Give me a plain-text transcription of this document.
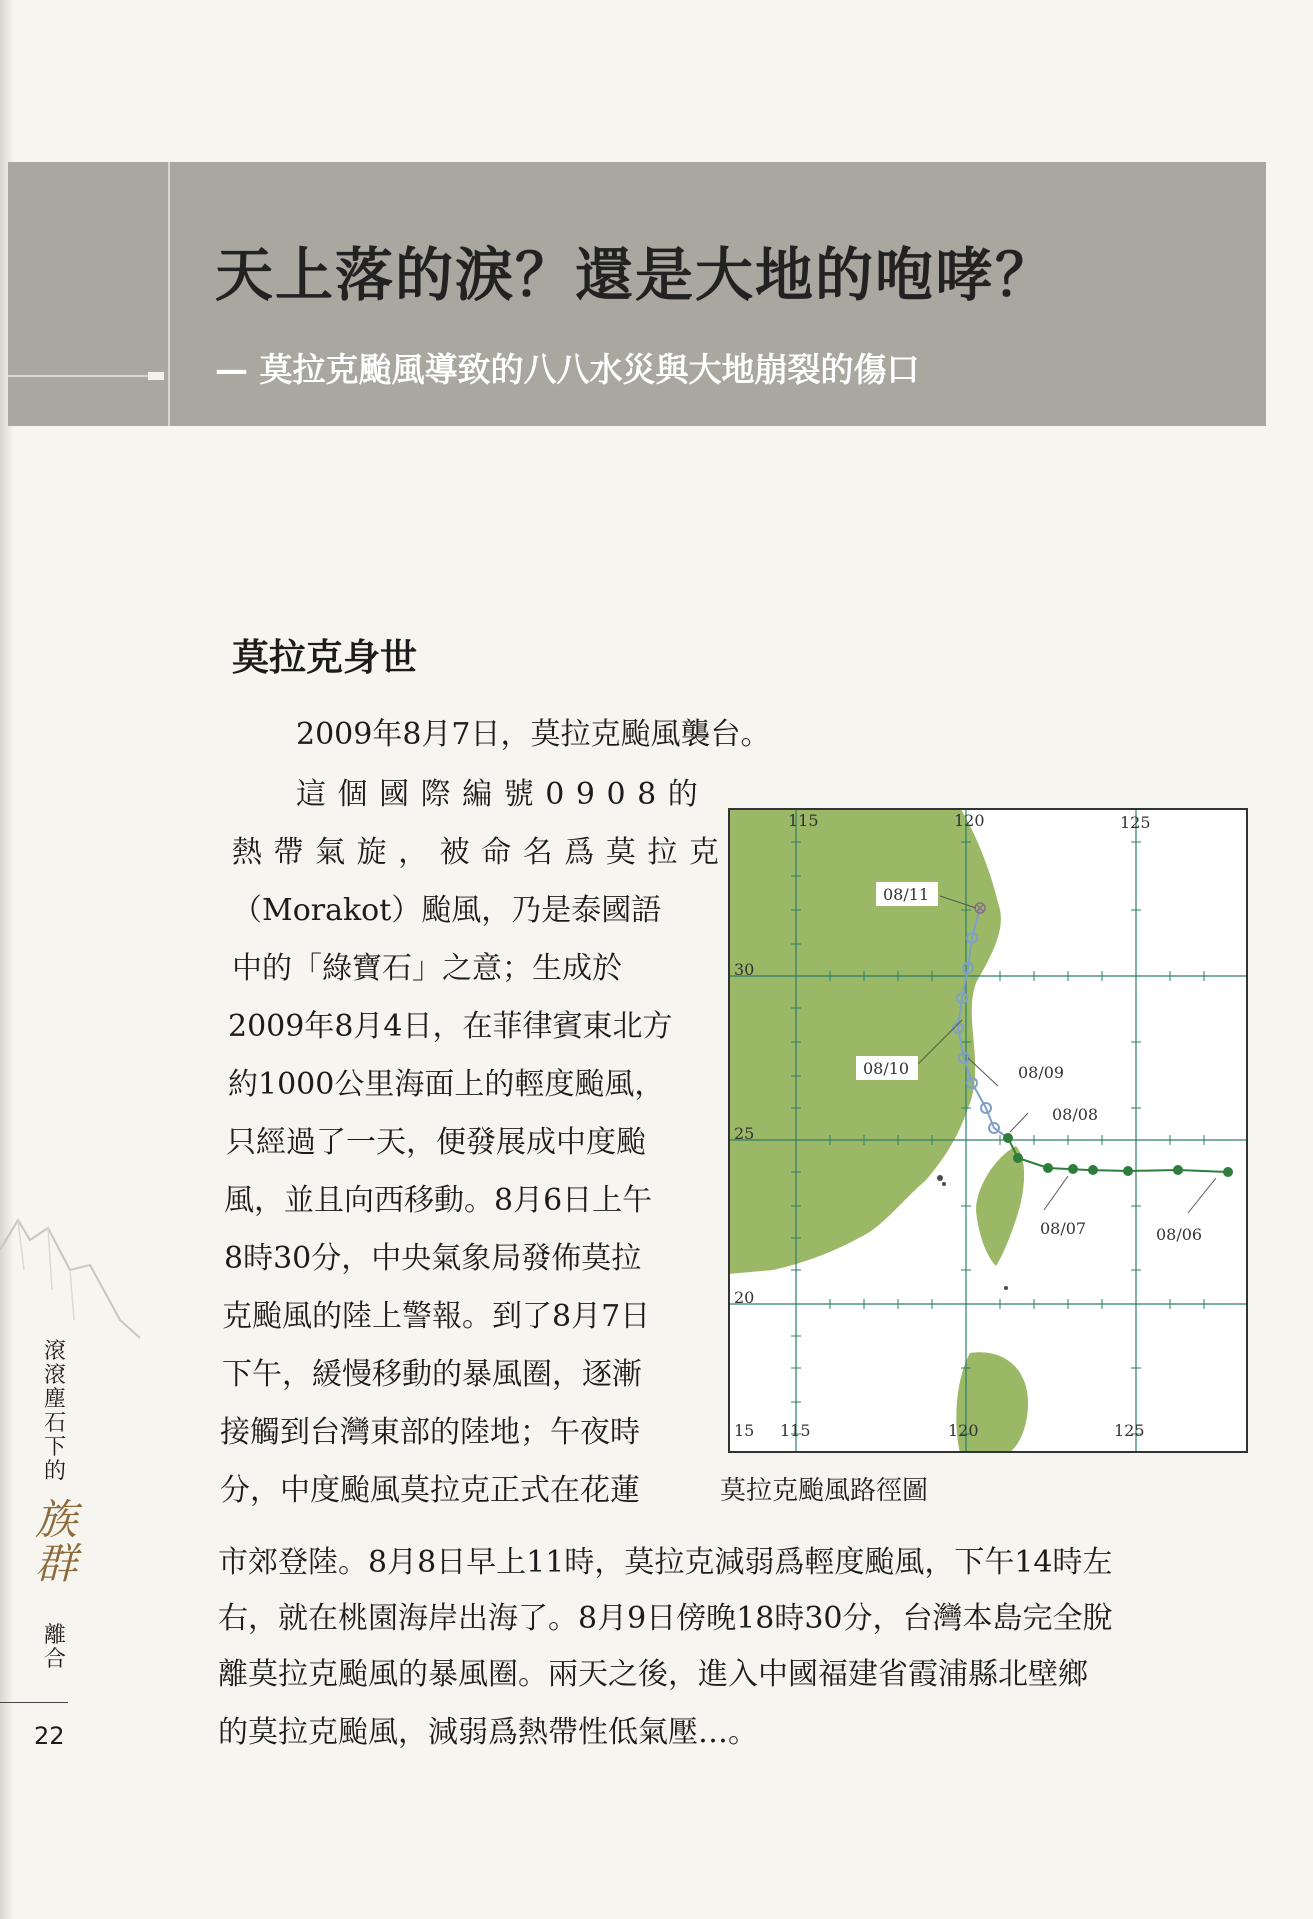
天上落的淚？還是大地的咆哮？
— 莫拉克颱風導致的八八水災與大地崩裂的傷口
莫拉克身世
2009年8月7日，莫拉克颱風襲台。
這 個 國 際 編 號 0 9 0 8 的
熱 帶 氣 旋 ， 被 命 名 爲 莫 拉 克
（Morakot）颱風，乃是泰國語
中的「綠寶石」之意；生成於
2009年8月4日，在菲律賓東北方
約1000公里海面上的輕度颱風，
只經過了一天，便發展成中度颱
風，並且向西移動。8月6日上午
8時30分，中央氣象局發佈莫拉
克颱風的陸上警報。到了8月7日
下午，緩慢移動的暴風圈，逐漸
接觸到台灣東部的陸地；午夜時
分，中度颱風莫拉克正式在花蓮
市郊登陸。8月8日早上11時，莫拉克減弱爲輕度颱風，下午14時左
右，就在桃園海岸出海了。8月9日傍晚18時30分，台灣本島完全脫
離莫拉克颱風的暴風圈。兩天之後，進入中國福建省霞浦縣北壁鄉
的莫拉克颱風，減弱爲熱帶性低氣壓…。
115	120	125
30
25
20
15 115	120	125
08/11
08/10	08/09
08/08
08/07	08/06
莫拉克颱風路徑圖
滾滾塵石下的
族群
離合
22
